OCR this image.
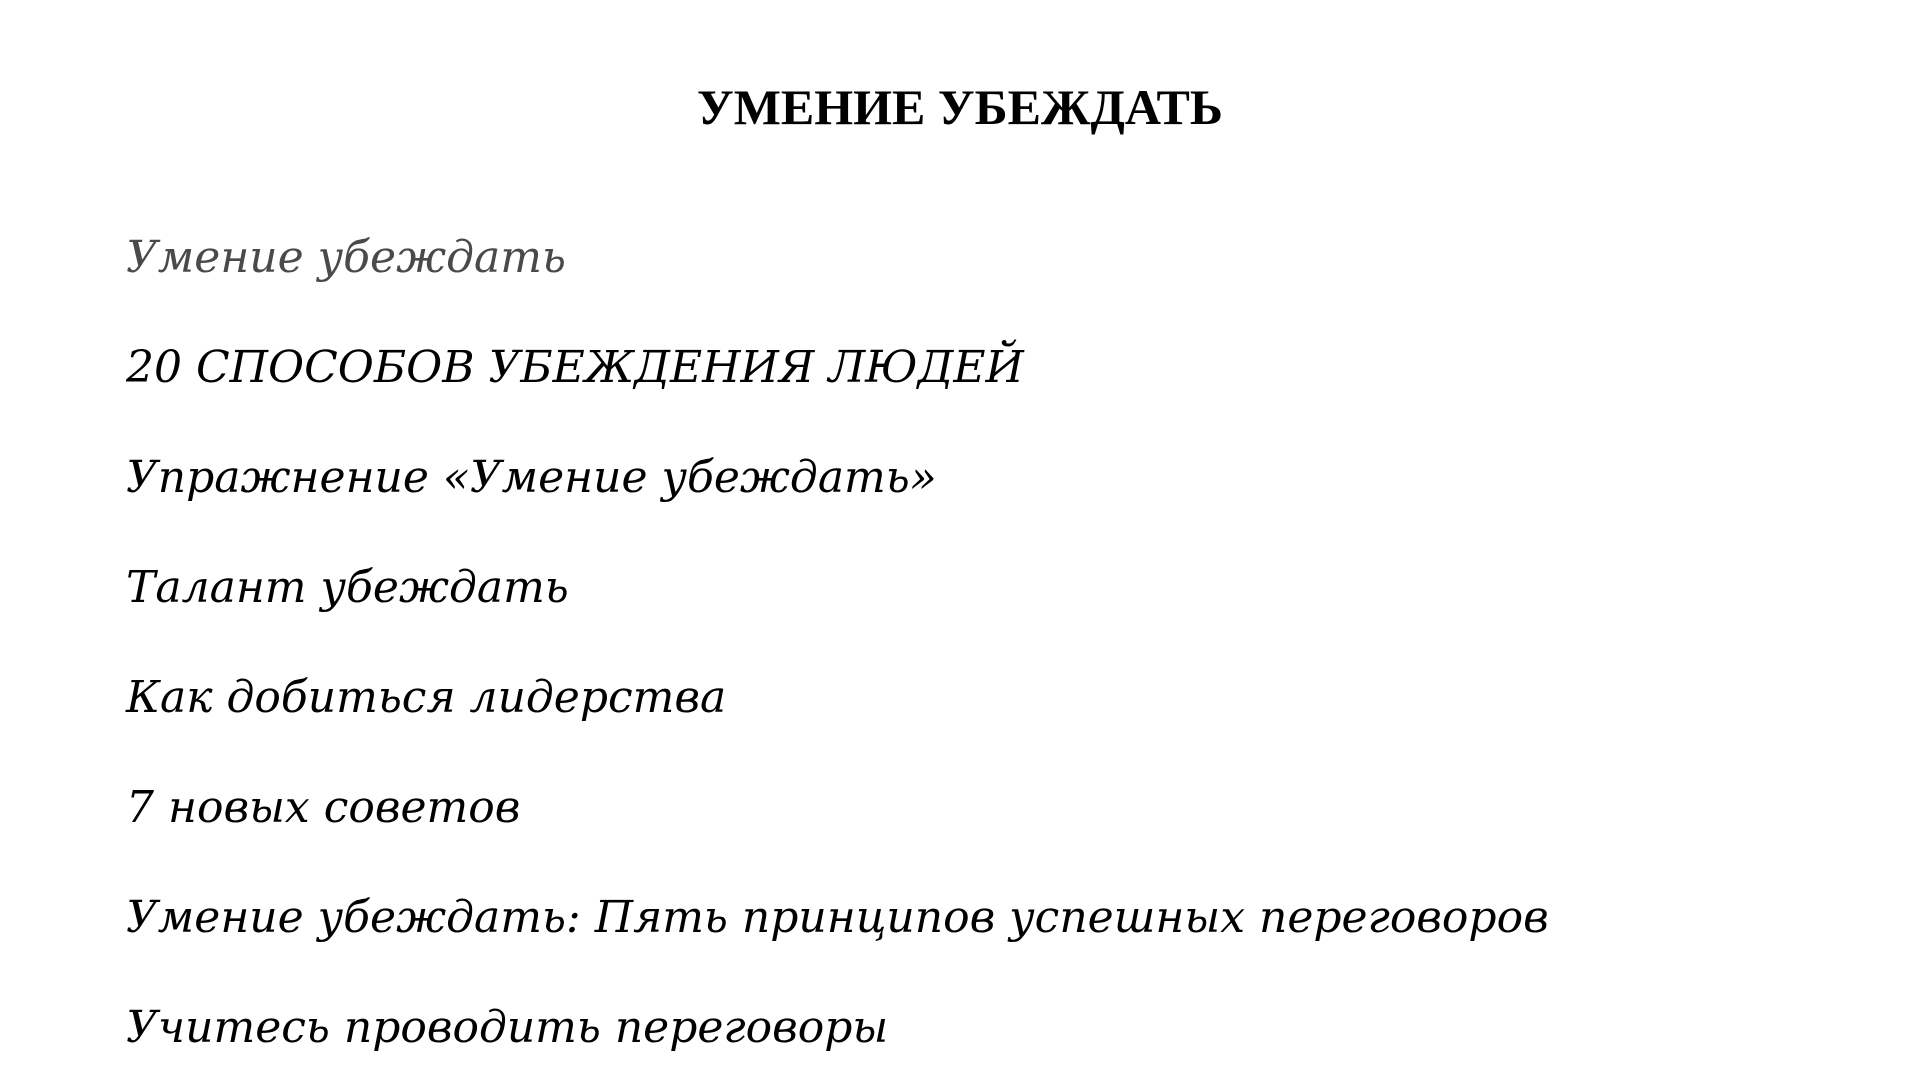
УМЕНИЕ УБЕЖДАТЬ
Умение убеждать
20 СПОСОБОВ УБЕЖДЕНИЯ ЛЮДЕЙ
Упражнение «Умение убеждать»
Талант убеждать
Как добиться лидерства
7 новых советов
Умение убеждать: Пять принципов успешных переговоров
Учитесь проводить переговоры
